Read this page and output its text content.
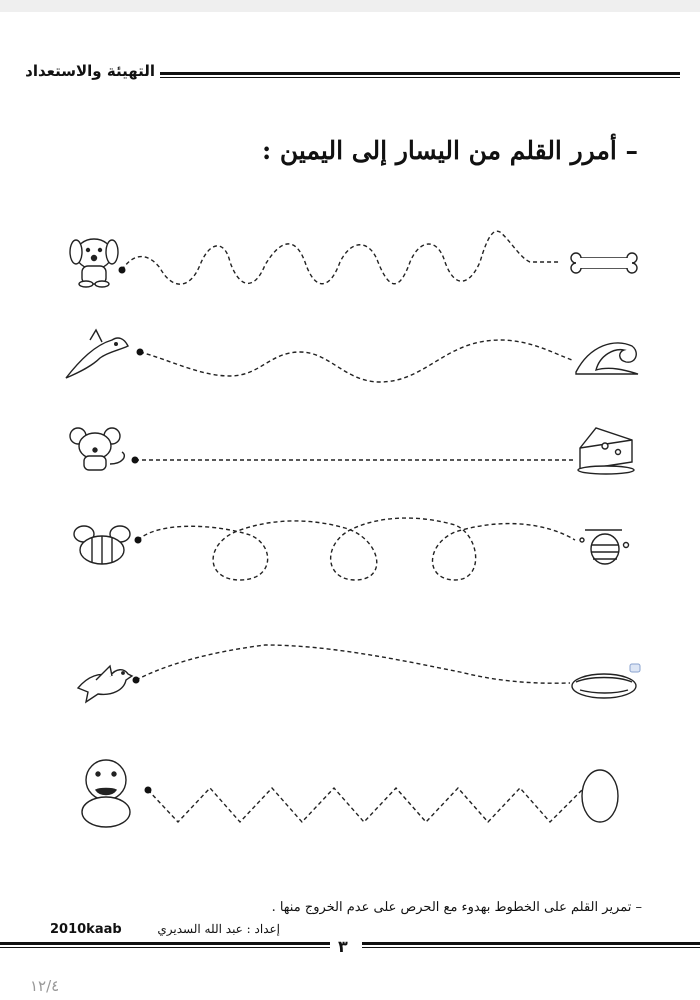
التهيئة والاستعداد
– أمرر القلم من اليسار إلى اليمين :
– تمرير القلم على الخطوط بهدوء مع الحرص على عدم الخروج منها .
إعداد : عبد الله السديري
2010kaab
٣
١٢/٤
